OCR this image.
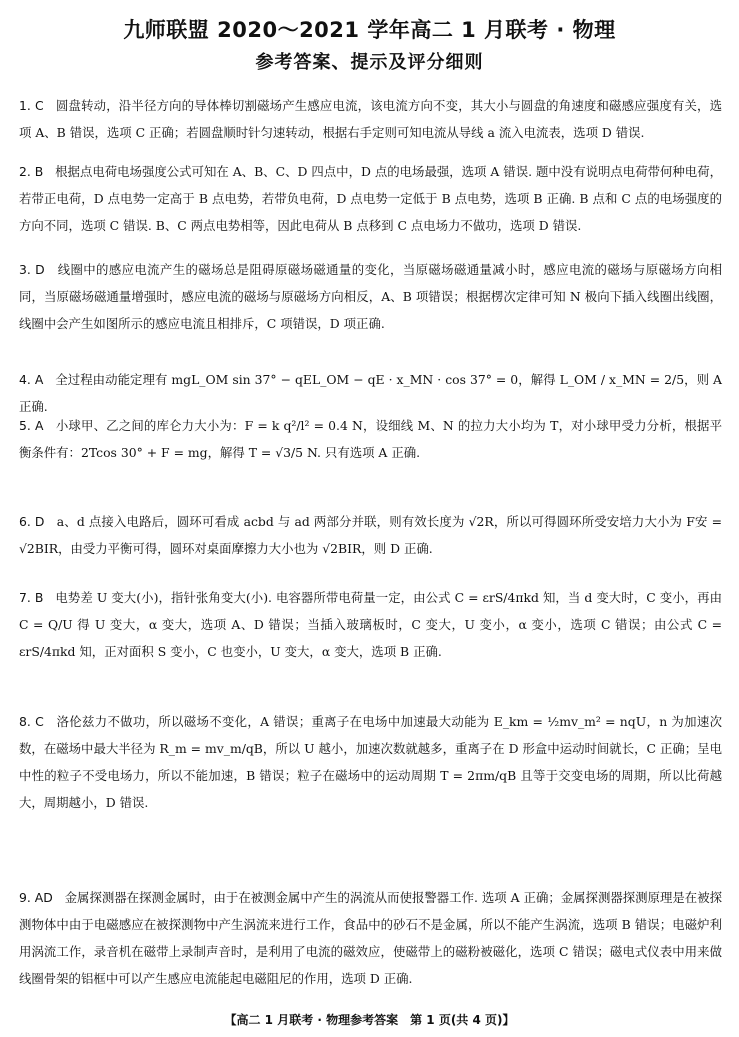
九师联盟 2020～2021 学年高二 1 月联考 · 物理
参考答案、提示及评分细则
1. C 圆盘转动，沿半径方向的导体棒切割磁场产生感应电流，该电流方向不变，其大小与圆盘的角速度和磁感应强度有关，选项 A、B 错误，选项 C 正确；若圆盘顺时针匀速转动，根据右手定则可知电流从导线 a 流入电流表，选项 D 错误.
2. B 根据点电荷电场强度公式可知在 A、B、C、D 四点中，D 点的电场最强，选项 A 错误. 题中没有说明点电荷带何种电荷，若带正电荷，D 点电势一定高于 B 点电势，若带负电荷，D 点电势一定低于 B 点电势，选项 B 正确. B 点和 C 点的电场强度的方向不同，选项 C 错误. B、C 两点电势相等，因此电荷从 B 点移到 C 点电场力不做功，选项 D 错误.
3. D 线圈中的感应电流产生的磁场总是阻碍原磁场磁通量的变化，当原磁场磁通量减小时，感应电流的磁场与原磁场方向相同，当原磁场磁通量增强时，感应电流的磁场与原磁场方向相反，A、B 项错误；根据楞次定律可知 N 极向下插入线圈出线圈，线圈中会产生如图所示的感应电流且相排斥，C 项错误，D 项正确.
4. A 全过程由动能定理有 mgL_OM sin 37° − qEL_OM − qE · x_MN · cos 37° = 0，解得 L_OM / x_MN = 2/5，则 A 正确.
5. A 小球甲、乙之间的库仑力大小为：F = k q²/l² = 0.4 N，设细线 M、N 的拉力大小均为 T，对小球甲受力分析，根据平衡条件有：2Tcos 30° + F = mg，解得 T = √3/5 N. 只有选项 A 正确.
6. D a、d 点接入电路后，圆环可看成 acbd 与 ad 两部分并联，则有效长度为 √2R，所以可得圆环所受安培力大小为 F安 = √2BIR，由受力平衡可得，圆环对桌面摩擦力大小也为 √2BIR，则 D 正确.
7. B 电势差 U 变大(小)，指针张角变大(小). 电容器所带电荷量一定，由公式 C = εrS/4πkd 知，当 d 变大时，C 变小，再由 C = Q/U 得 U 变大，α 变大，选项 A、D 错误；当插入玻璃板时，C 变大，U 变小，α 变小，选项 C 错误；由公式 C = εrS/4πkd 知，正对面积 S 变小，C 也变小，U 变大，α 变大，选项 B 正确.
8. C 洛伦兹力不做功，所以磁场不变化，A 错误；重离子在电场中加速最大动能为 E_km = ½mv_m² = nqU，n 为加速次数，在磁场中最大半径为 R_m = mv_m/qB，所以 U 越小，加速次数就越多，重离子在 D 形盒中运动时间就长，C 正确；呈电中性的粒子不受电场力，所以不能加速，B 错误；粒子在磁场中的运动周期 T = 2πm/qB 且等于交变电场的周期，所以比荷越大，周期越小，D 错误.
9. AD 金属探测器在探测金属时，由于在被测金属中产生的涡流从而使报警器工作. 选项 A 正确；金属探测器探测原理是在被探测物体中由于电磁感应在被探测物中产生涡流来进行工作，食品中的砂石不是金属，所以不能产生涡流，选项 B 错误；电磁炉利用涡流工作，录音机在磁带上录制声音时，是利用了电流的磁效应，使磁带上的磁粉被磁化，选项 C 错误；磁电式仪表中用来做线圈骨架的铝框中可以产生感应电流能起电磁阻尼的作用，选项 D 正确.
【高二 1 月联考 · 物理参考答案　第 1 页(共 4 页)】
